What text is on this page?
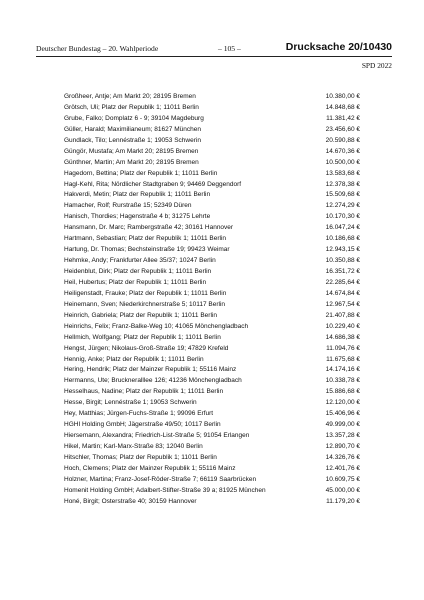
Deutscher Bundestag – 20. Wahlperiode	– 105 –	Drucksache 20/10430
SPD 2022
Großheer, Antje; Am Markt 20; 28195 Bremen	10.380,00 €
Grötsch, Uli; Platz der Republik 1; 11011 Berlin	14.848,68 €
Grube, Falko; Domplatz 6 - 9; 39104 Magdeburg	11.381,42 €
Güller, Harald; Maximilianeum; 81627 München	23.456,60 €
Gundlack, Tilo; Lennéstraße 1; 19053 Schwerin	20.590,88 €
Güngör, Mustafa; Am Markt 20; 28195 Bremen	14.670,36 €
Günthner, Martin; Am Markt 20; 28195 Bremen	10.500,00 €
Hagedorn, Bettina; Platz der Republik 1; 11011 Berlin	13.583,68 €
Hagl-Kehl, Rita; Nördlicher Stadtgraben 9; 94469 Deggendorf	12.378,38 €
Hakverdi, Metin; Platz der Republik 1; 11011 Berlin	15.509,68 €
Hamacher, Rolf; Rurstraße 15; 52349 Düren	12.274,29 €
Hanisch, Thordies; Hagenstraße 4 b; 31275 Lehrte	10.170,30 €
Hansmann, Dr. Marc; Rambergstraße 42; 30161 Hannover	16.047,24 €
Hartmann, Sebastian; Platz der Republik 1; 11011 Berlin	10.186,68 €
Hartung, Dr. Thomas; Bechsteinstraße 19; 99423 Weimar	12.943,15 €
Hehmke, Andy; Frankfurter Allee 35/37; 10247 Berlin	10.350,88 €
Heidenblut, Dirk; Platz der Republik 1; 11011 Berlin	16.351,72 €
Heil, Hubertus; Platz der Republik 1; 11011 Berlin	22.285,64 €
Heiligenstadt, Frauke; Platz der Republik 1; 11011 Berlin	14.674,84 €
Heinemann, Sven; Niederkirchnerstraße 5; 10117 Berlin	12.967,54 €
Heinrich, Gabriela; Platz der Republik 1; 11011 Berlin	21.407,88 €
Heinrichs, Felix; Franz-Balke-Weg 10; 41065 Mönchengladbach	10.229,40 €
Hellmich, Wolfgang; Platz der Republik 1; 11011 Berlin	14.686,38 €
Hengst, Jürgen; Nikolaus-Groß-Straße 19; 47829 Krefeld	11.094,76 €
Hennig, Anke; Platz der Republik 1; 11011 Berlin	11.675,68 €
Hering, Hendrik; Platz der Mainzer Republik 1; 55116 Mainz	14.174,16 €
Hermanns, Ute; Bruckneralllee 126; 41236 Mönchengladbach	10.338,78 €
Hesselhaus, Nadine; Platz der Republik 1; 11011 Berlin	15.886,68 €
Hesse, Birgit; Lennéstraße 1; 19053 Schwerin	12.120,00 €
Hey, Matthias; Jürgen-Fuchs-Straße 1; 99096 Erfurt	15.406,96 €
HGHI Holding GmbH; Jägerstraße 49/50; 10117 Berlin	49.999,00 €
Hiersemann, Alexandra; Friedrich-List-Straße 5; 91054 Erlangen	13.357,28 €
Hikel, Martin; Karl-Marx-Straße 83; 12040 Berlin	12.890,70 €
Hitschler, Thomas; Platz der Republik 1; 11011 Berlin	14.326,76 €
Hoch, Clemens; Platz der Mainzer Republik 1; 55116 Mainz	12.401,76 €
Holzner, Martina; Franz-Josef-Röder-Straße 7; 66119 Saarbrücken	10.609,75 €
Homenit Holding GmbH; Adalbert-Stifter-Straße 39 a; 81925 München	45.000,00 €
Honé, Birgit; Osterstraße 40; 30159 Hannover	11.179,20 €
